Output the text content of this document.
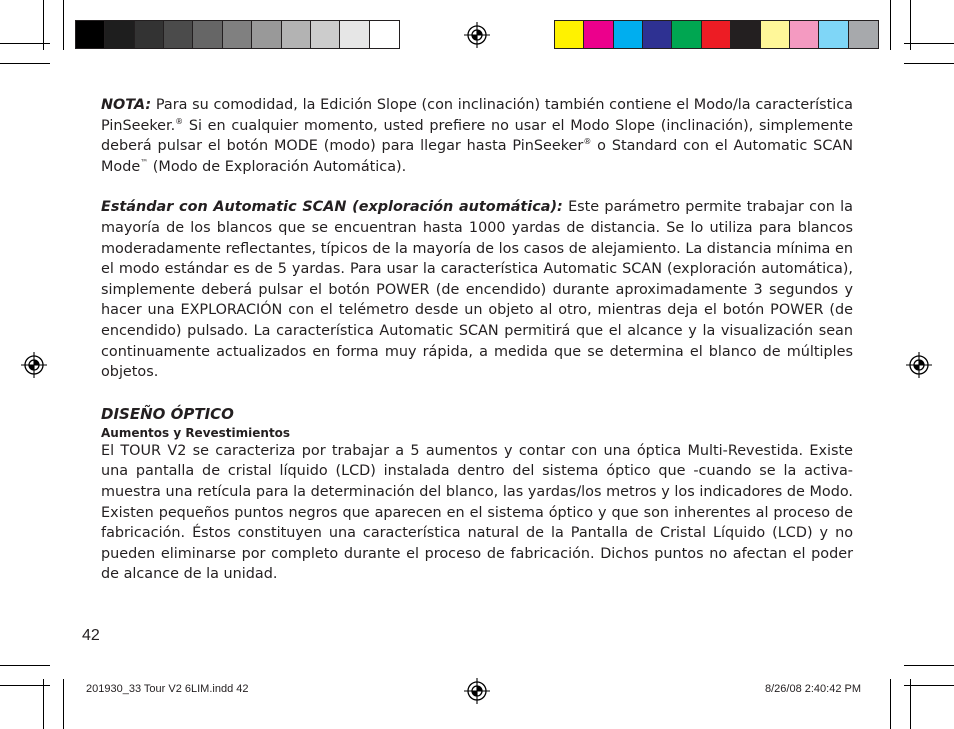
NOTA: Para su comodidad, la Edición Slope (con inclinación) también contiene el Modo/la característica PinSeeker.® Si en cualquier momento, usted prefiere no usar el Modo Slope (inclinación), simplemente deberá pulsar el botón MODE (modo) para llegar hasta PinSeeker® o Standard con el Automatic SCAN Mode™ (Modo de Exploración Automática).

Estándar con Automatic SCAN (exploración automática): Este parámetro permite trabajar con la mayoría de los blancos que se encuentran hasta 1000 yardas de distancia. Se lo utiliza para blancos moderadamente reflectantes, típicos de la mayoría de los casos de alejamiento. La distancia mínima en el modo estándar es de 5 yardas. Para usar la característica Automatic SCAN (exploración automática), simplemente deberá pulsar el botón POWER (de encendido) durante aproximadamente 3 segundos y hacer una EXPLORACIÓN con el telémetro desde un objeto al otro, mientras deja el botón POWER (de encendido) pulsado. La característica Automatic SCAN permitirá que el alcance y la visualización sean continuamente actualizados en forma muy rápida, a medida que se determina el blanco de múltiples objetos.

DISEÑO ÓPTICO

Aumentos y Revestimientos

El TOUR V2 se caracteriza por trabajar a 5 aumentos y contar con una óptica Multi-Revestida. Existe una pantalla de cristal líquido (LCD) instalada dentro del sistema óptico que -cuando se la activa- muestra una retícula para la determinación del blanco, las yardas/los metros y los indicadores de Modo. Existen pequeños puntos negros que aparecen en el sistema óptico y que son inherentes al proceso de fabricación. Éstos constituyen una característica natural de la Pantalla de Cristal Líquido (LCD) y no pueden eliminarse por completo durante el proceso de fabricación. Dichos puntos no afectan el poder de alcance de la unidad.

42
201930_33 Tour V2 6LIM.indd 42	8/26/08 2:40:42 PM
